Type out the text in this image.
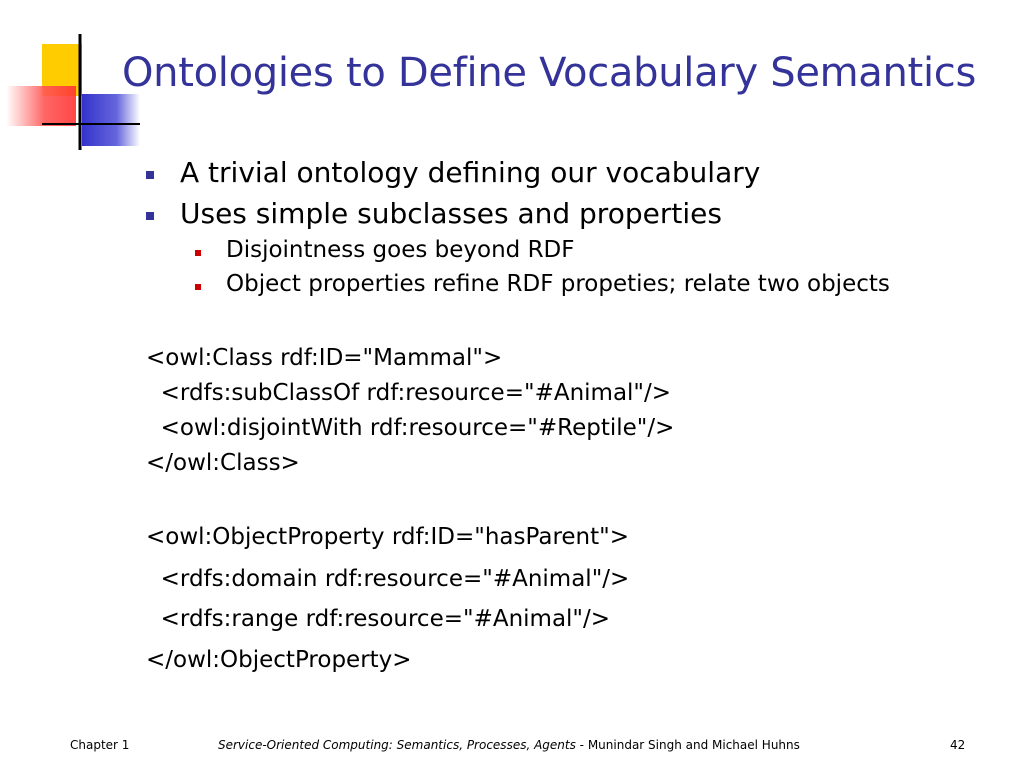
Ontologies to Define Vocabulary Semantics
A trivial ontology defining our vocabulary
Uses simple subclasses and properties
Disjointness goes beyond RDF
Object properties refine RDF propeties; relate two objects
<owl:Class rdf:ID="Mammal">
<rdfs:subClassOf rdf:resource="#Animal"/>
<owl:disjointWith rdf:resource="#Reptile"/>
</owl:Class>
<owl:ObjectProperty rdf:ID="hasParent">
<rdfs:domain rdf:resource="#Animal"/>
<rdfs:range rdf:resource="#Animal"/>
</owl:ObjectProperty>
Chapter 1	Service-Oriented Computing: Semantics, Processes, Agents - Munindar Singh and Michael Huhns	42
